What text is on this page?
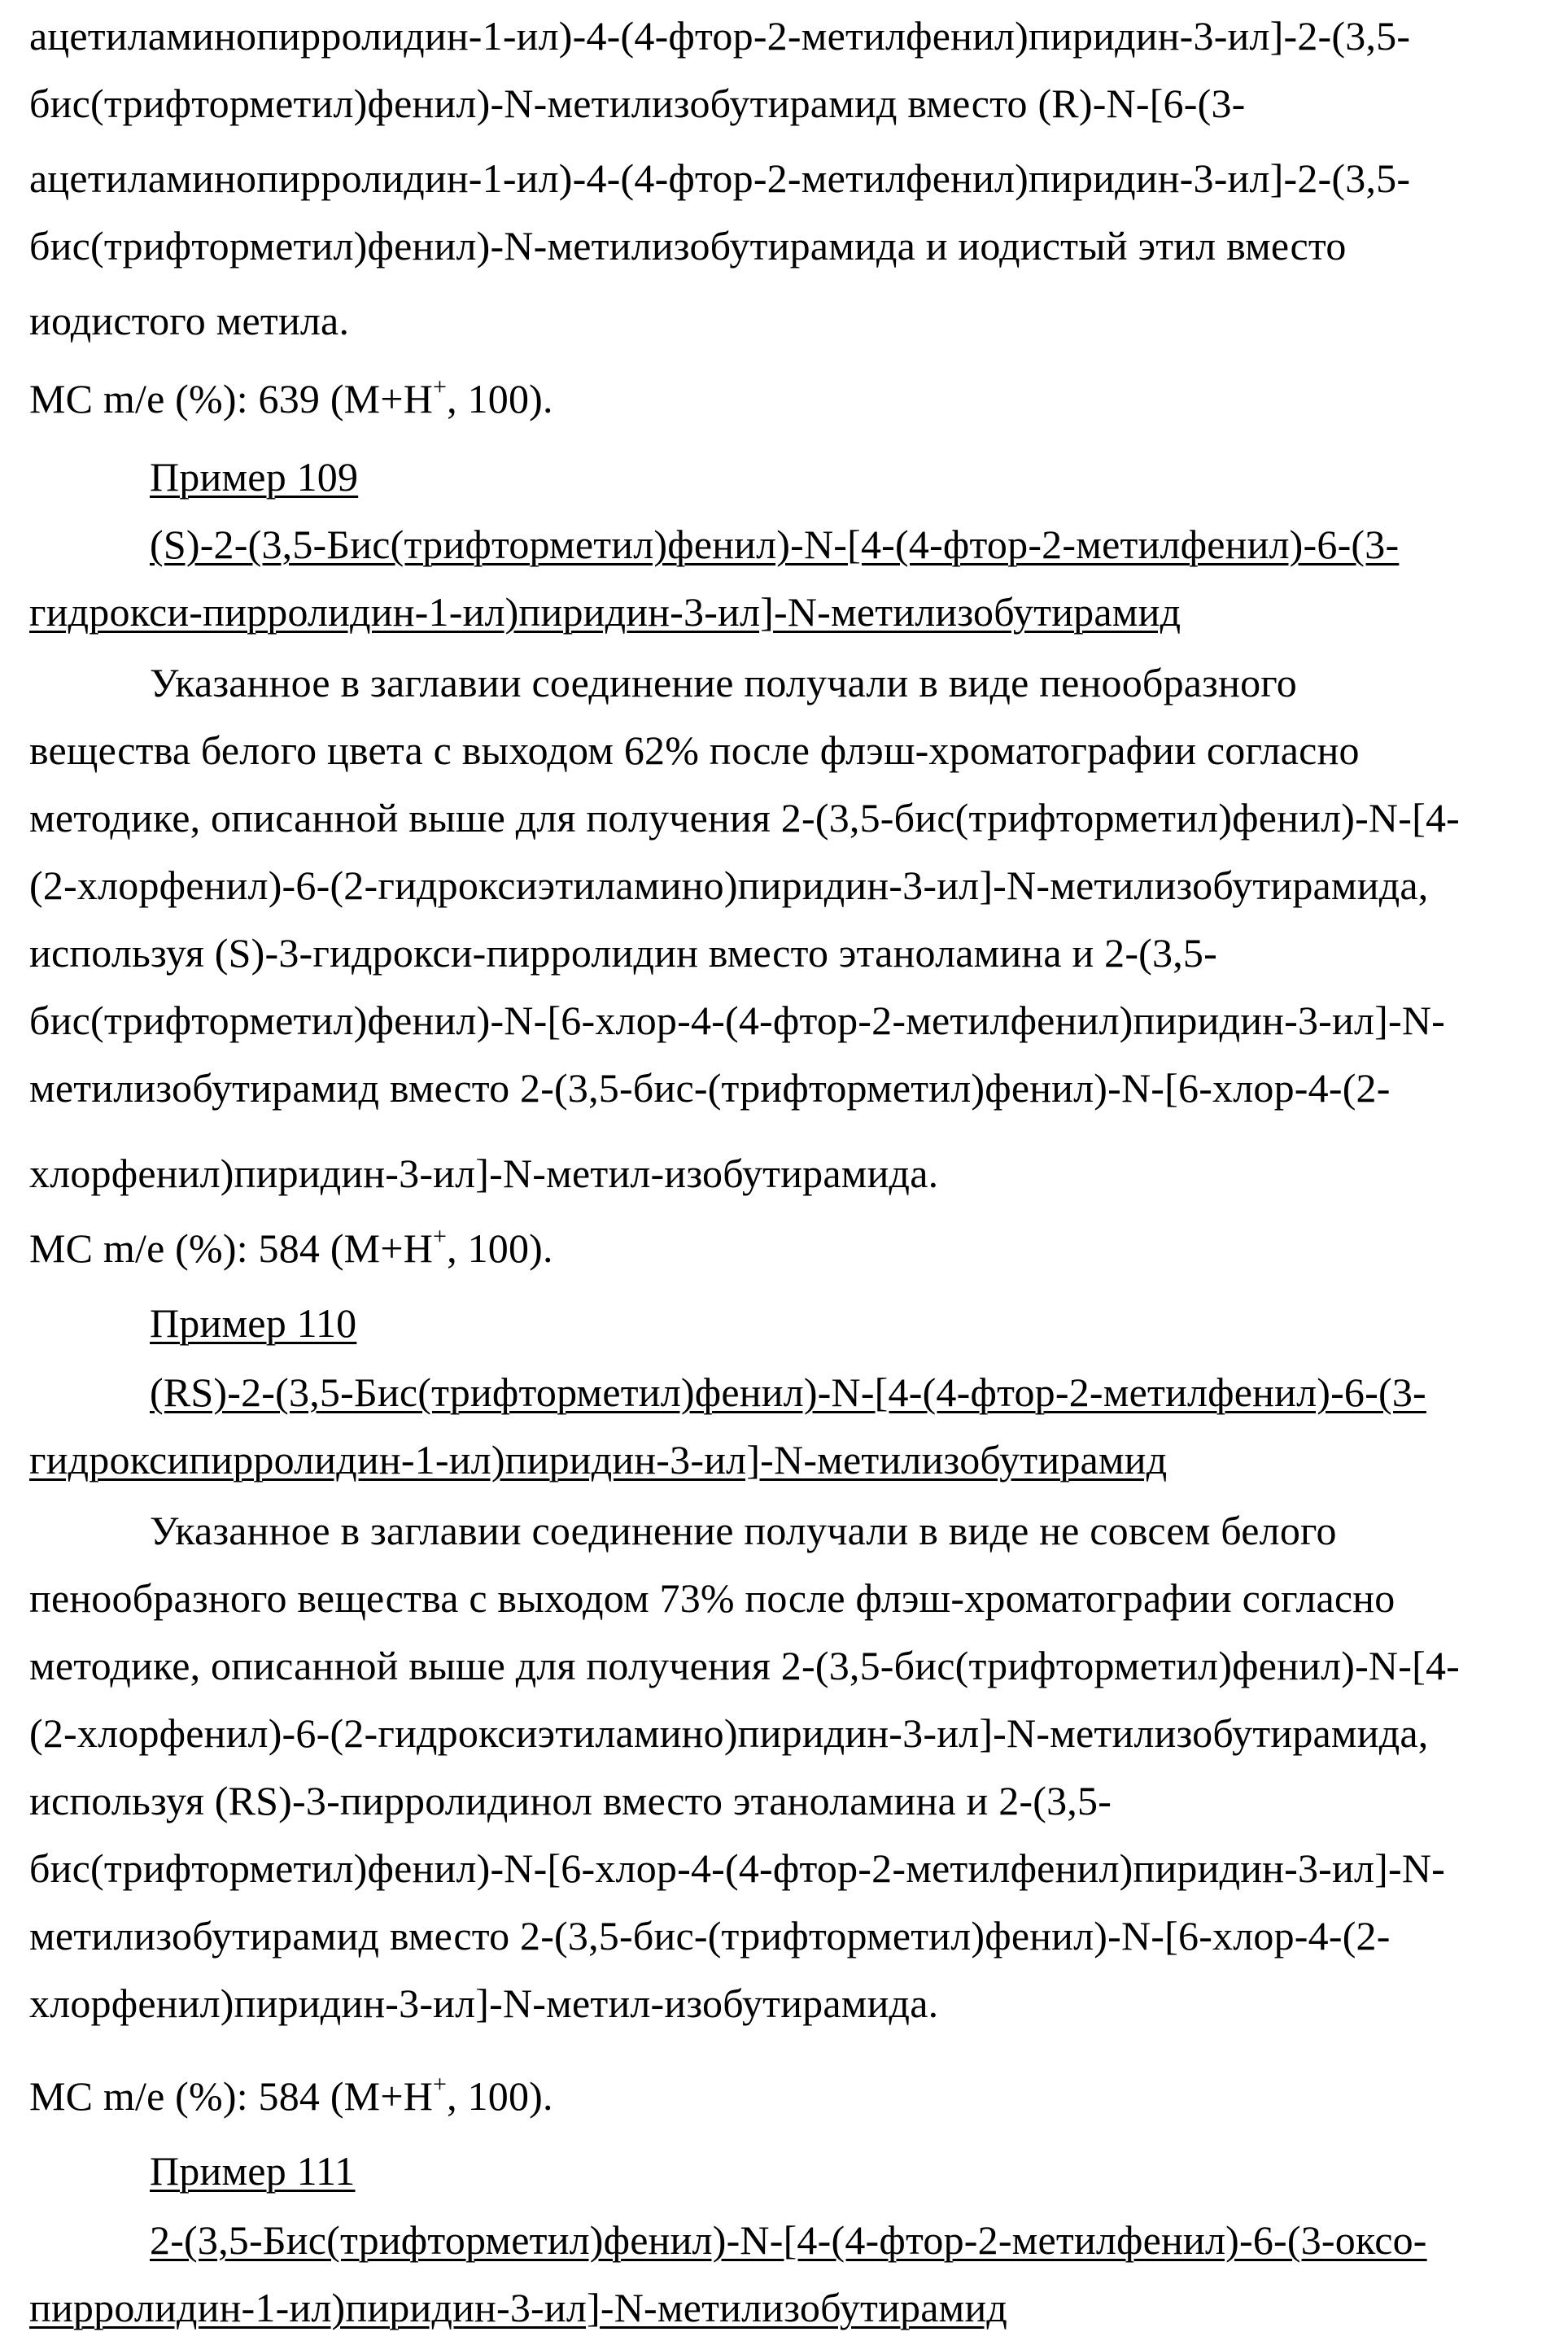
ацетиламинопирролидин-1-ил)-4-(4-фтор-2-метилфенил)пиридин-3-ил]-2-(3,5-
бис(трифторметил)фенил)-N-метилизобутирамид вместо (R)-N-[6-(3-
ацетиламинопирролидин-1-ил)-4-(4-фтор-2-метилфенил)пиридин-3-ил]-2-(3,5-
бис(трифторметил)фенил)-N-метилизобутирамида и иодистый этил вместо
иодистого метила.
МС m/e (%): 639 (M+H+, 100).
Пример 109
(S)-2-(3,5-Бис(трифторметил)фенил)-N-[4-(4-фтор-2-метилфенил)-6-(3-
гидрокси-пирролидин-1-ил)пиридин-3-ил]-N-метилизобутирамид
Указанное в заглавии соединение получали в виде пенообразного
вещества белого цвета с выходом 62% после флэш-хроматографии согласно
методике, описанной выше для получения 2-(3,5-бис(трифторметил)фенил)-N-[4-
(2-хлорфенил)-6-(2-гидроксиэтиламино)пиридин-3-ил]-N-метилизобутирамида,
используя (S)-3-гидрокси-пирролидин вместо этаноламина и 2-(3,5-
бис(трифторметил)фенил)-N-[6-хлор-4-(4-фтор-2-метилфенил)пиридин-3-ил]-N-
метилизобутирамид вместо 2-(3,5-бис-(трифторметил)фенил)-N-[6-хлор-4-(2-
хлорфенил)пиридин-3-ил]-N-метил-изобутирамида.
МС m/e (%): 584 (M+H+, 100).
Пример 110
(RS)-2-(3,5-Бис(трифторметил)фенил)-N-[4-(4-фтор-2-метилфенил)-6-(3-
гидроксипирролидин-1-ил)пиридин-3-ил]-N-метилизобутирамид
Указанное в заглавии соединение получали в виде не совсем белого
пенообразного вещества с выходом 73% после флэш-хроматографии согласно
методике, описанной выше для получения 2-(3,5-бис(трифторметил)фенил)-N-[4-
(2-хлорфенил)-6-(2-гидроксиэтиламино)пиридин-3-ил]-N-метилизобутирамида,
используя (RS)-3-пирролидинол вместо этаноламина и 2-(3,5-
бис(трифторметил)фенил)-N-[6-хлор-4-(4-фтор-2-метилфенил)пиридин-3-ил]-N-
метилизобутирамид вместо 2-(3,5-бис-(трифторметил)фенил)-N-[6-хлор-4-(2-
хлорфенил)пиридин-3-ил]-N-метил-изобутирамида.
МС m/e (%): 584 (M+H+, 100).
Пример 111
2-(3,5-Бис(трифторметил)фенил)-N-[4-(4-фтор-2-метилфенил)-6-(3-оксо-
пирролидин-1-ил)пиридин-3-ил]-N-метилизобутирамид
